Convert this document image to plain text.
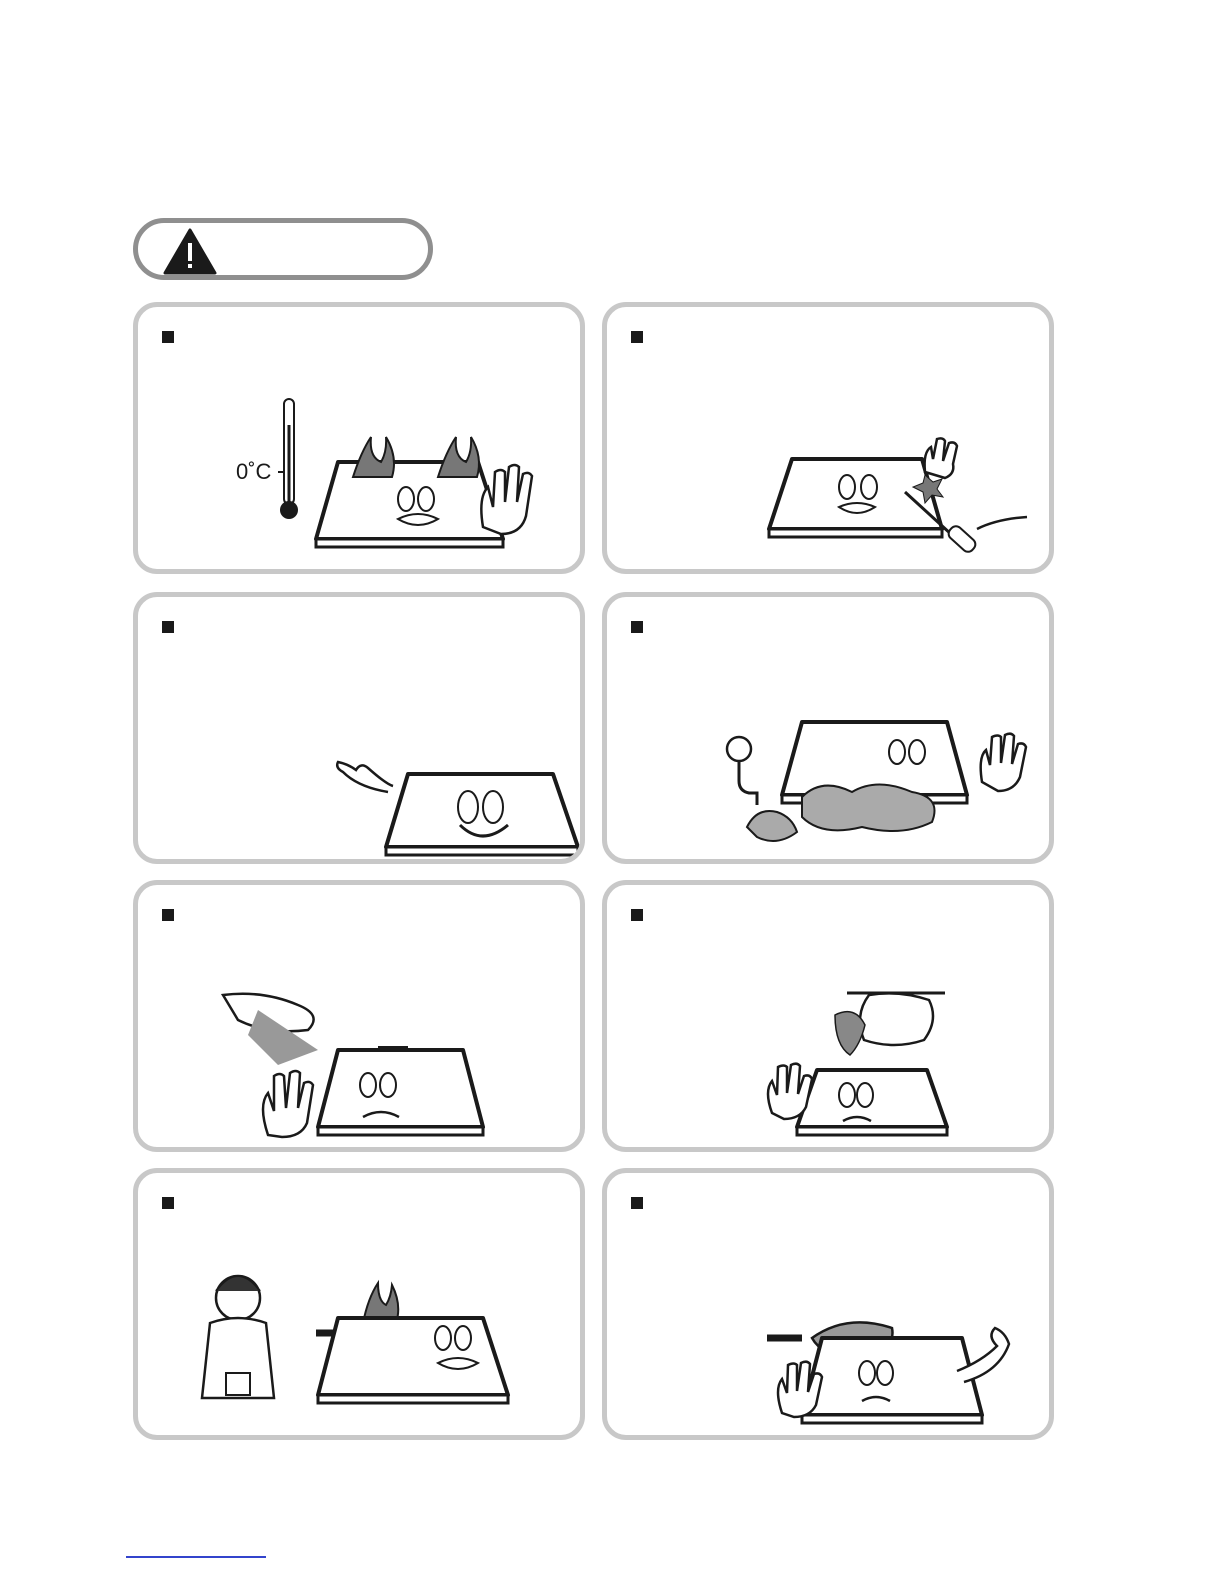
0˚C
